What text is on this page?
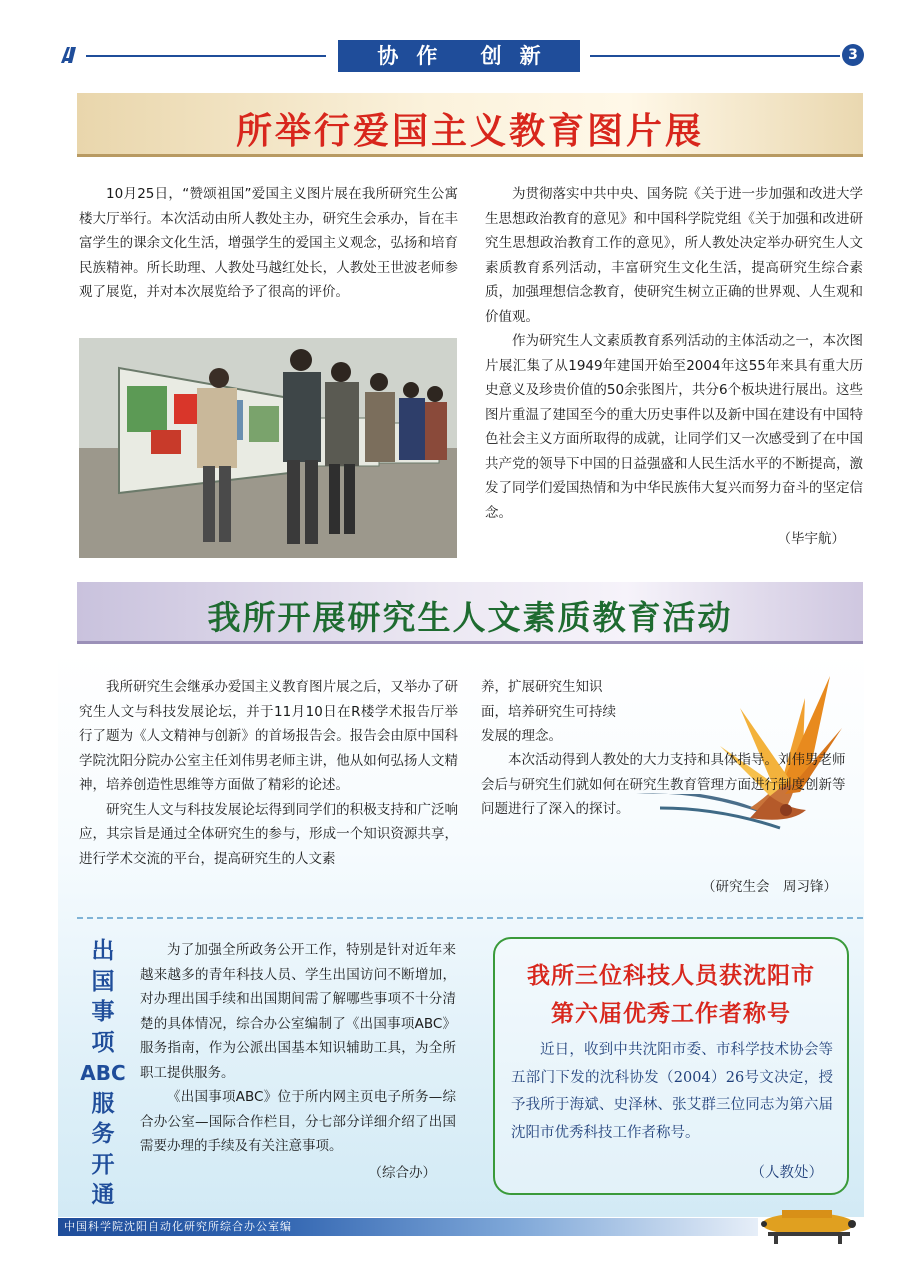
协作 创新	3
所举行爱国主义教育图片展

10月25日，“赞颂祖国”爱国主义图片展在我所研究生公寓楼大厅举行。本次活动由所人教处主办，研究生会承办，旨在丰富学生的课余文化生活，增强学生的爱国主义观念，弘扬和培育民族精神。所长助理、人教处马越红处长，人教处王世波老师参观了展览，并对本次展览给予了很高的评价。

为贯彻落实中共中央、国务院《关于进一步加强和改进大学生思想政治教育的意见》和中国科学院党组《关于加强和改进研究生思想政治教育工作的意见》，所人教处决定举办研究生人文素质教育系列活动，丰富研究生文化生活，提高研究生综合素质，加强理想信念教育，使研究生树立正确的世界观、人生观和价值观。

作为研究生人文素质教育系列活动的主体活动之一，本次图片展汇集了从1949年建国开始至2004年这55年来具有重大历史意义及珍贵价值的50余张图片，共分6个板块进行展出。这些图片重温了建国至今的重大历史事件以及新中国在建设有中国特色社会主义方面所取得的成就，让同学们又一次感受到了在中国共产党的领导下中国的日益强盛和人民生活水平的不断提高，激发了同学们爱国热情和为中华民族伟大复兴而努力奋斗的坚定信念。

（毕宇航）
我所开展研究生人文素质教育活动

我所研究生会继承办爱国主义教育图片展之后，又举办了研究生人文与科技发展论坛，并于11月10日在R楼学术报告厅举行了题为《人文精神与创新》的首场报告会。报告会由原中国科学院沈阳分院办公室主任刘伟男老师主讲，他从如何弘扬人文精神，培养创造性思维等方面做了精彩的论述。

研究生人文与科技发展论坛得到同学们的积极支持和广泛响应，其宗旨是通过全体研究生的参与，形成一个知识资源共享，进行学术交流的平台，提高研究生的人文素

养，扩展研究生知识面，培养研究生可持续发展的理念。

本次活动得到人教处的大力支持和具体指导。刘伟男老师会后与研究生们就如何在研究生教育管理方面进行制度创新等问题进行了深入的探讨。

（研究生会　周习锋）
出
国
事
项
ABC
服
务
开
通

为了加强全所政务公开工作，特别是针对近年来越来越多的青年科技人员、学生出国访问不断增加，对办理出国手续和出国期间需了解哪些事项不十分清楚的具体情况，综合办公室编制了《出国事项ABC》服务指南，作为公派出国基本知识辅助工具，为全所职工提供服务。

《出国事项ABC》位于所内网主页电子所务—综合办公室—国际合作栏目，分七部分详细介绍了出国需要办理的手续及有关注意事项。

（综合办）
我所三位科技人员获沈阳市
第六届优秀工作者称号

近日，收到中共沈阳市委、市科学技术协会等五部门下发的沈科协发（2004）26号文决定，授予我所于海斌、史泽林、张艾群三位同志为第六届沈阳市优秀科技工作者称号。

（人教处）
中国科学院沈阳自动化研究所综合办公室编
